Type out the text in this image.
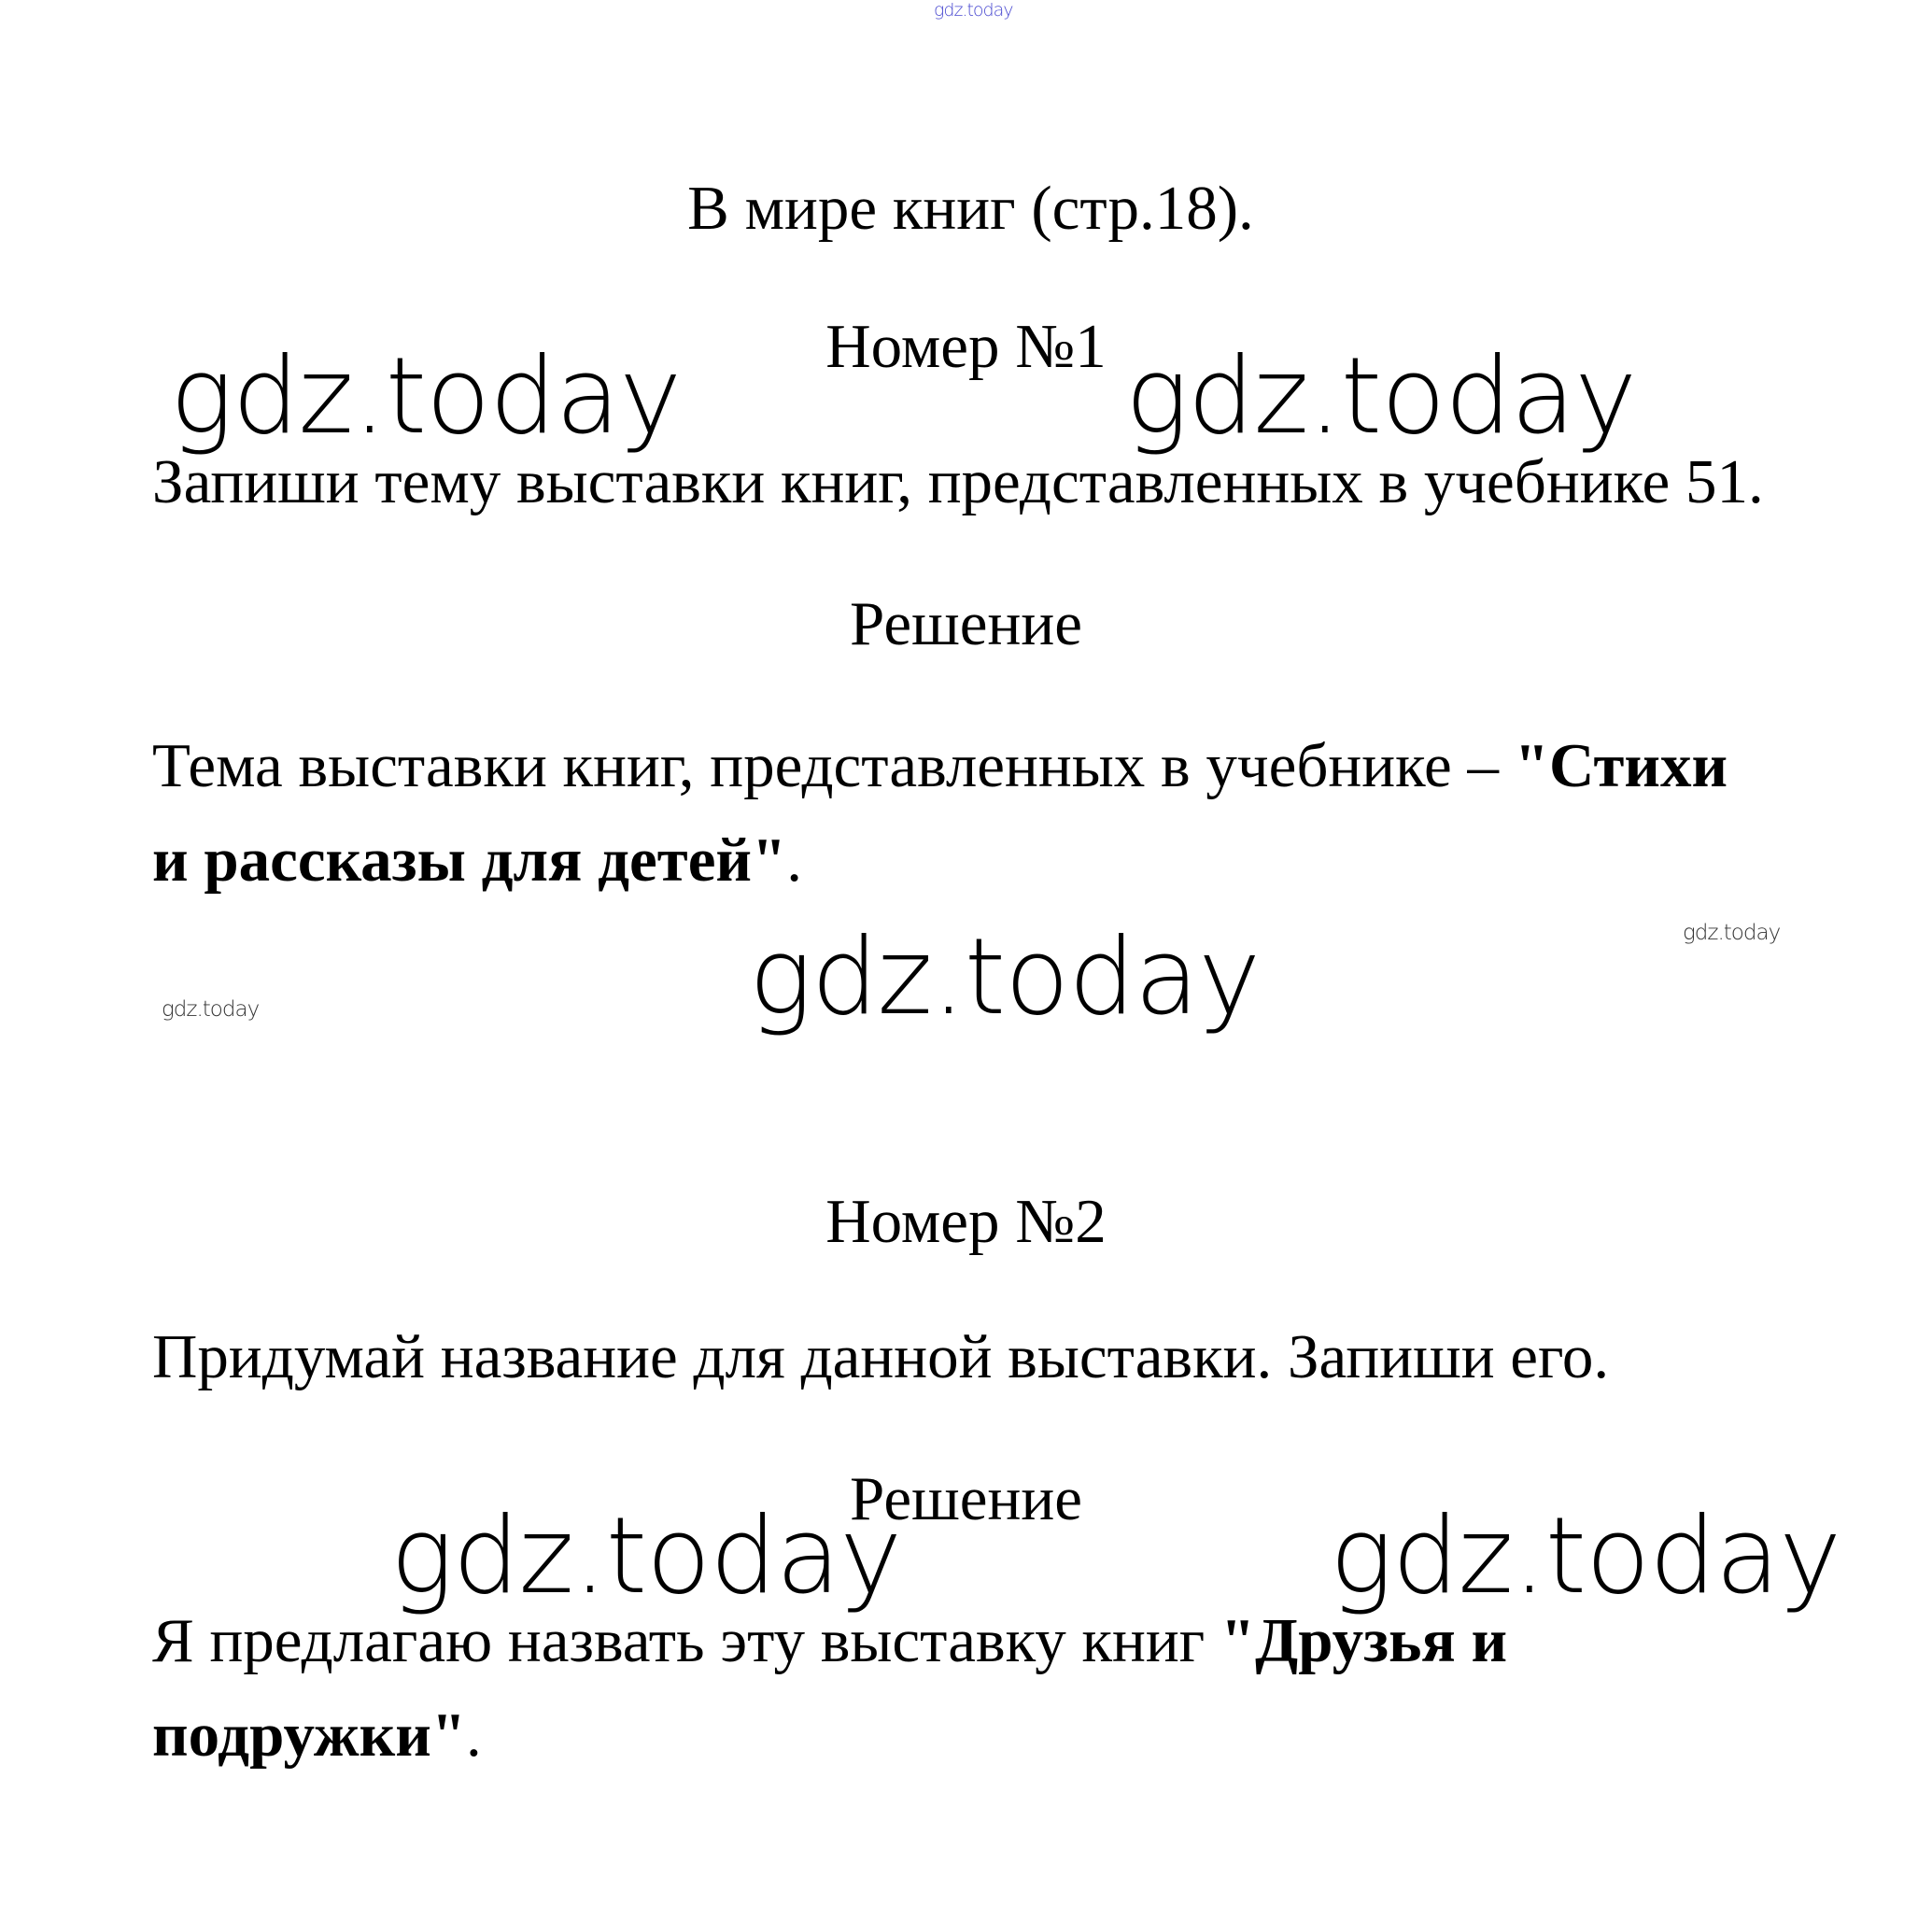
gdz.today
gdz.today	gdz.today
gdz.today	gdz.today
gdz.today
gdz.today	gdz.today
В мире книг (стр.18).
Номер №1
Запиши тему выставки книг, представленных в учебнике 51.
Решение
Тема выставки книг, представленных в учебнике – "Стихи
и рассказы для детей".
Номер №2
Придумай название для данной выставки. Запиши его.
Решение
Я предлагаю назвать эту выставку книг "Друзья и
подружки".
